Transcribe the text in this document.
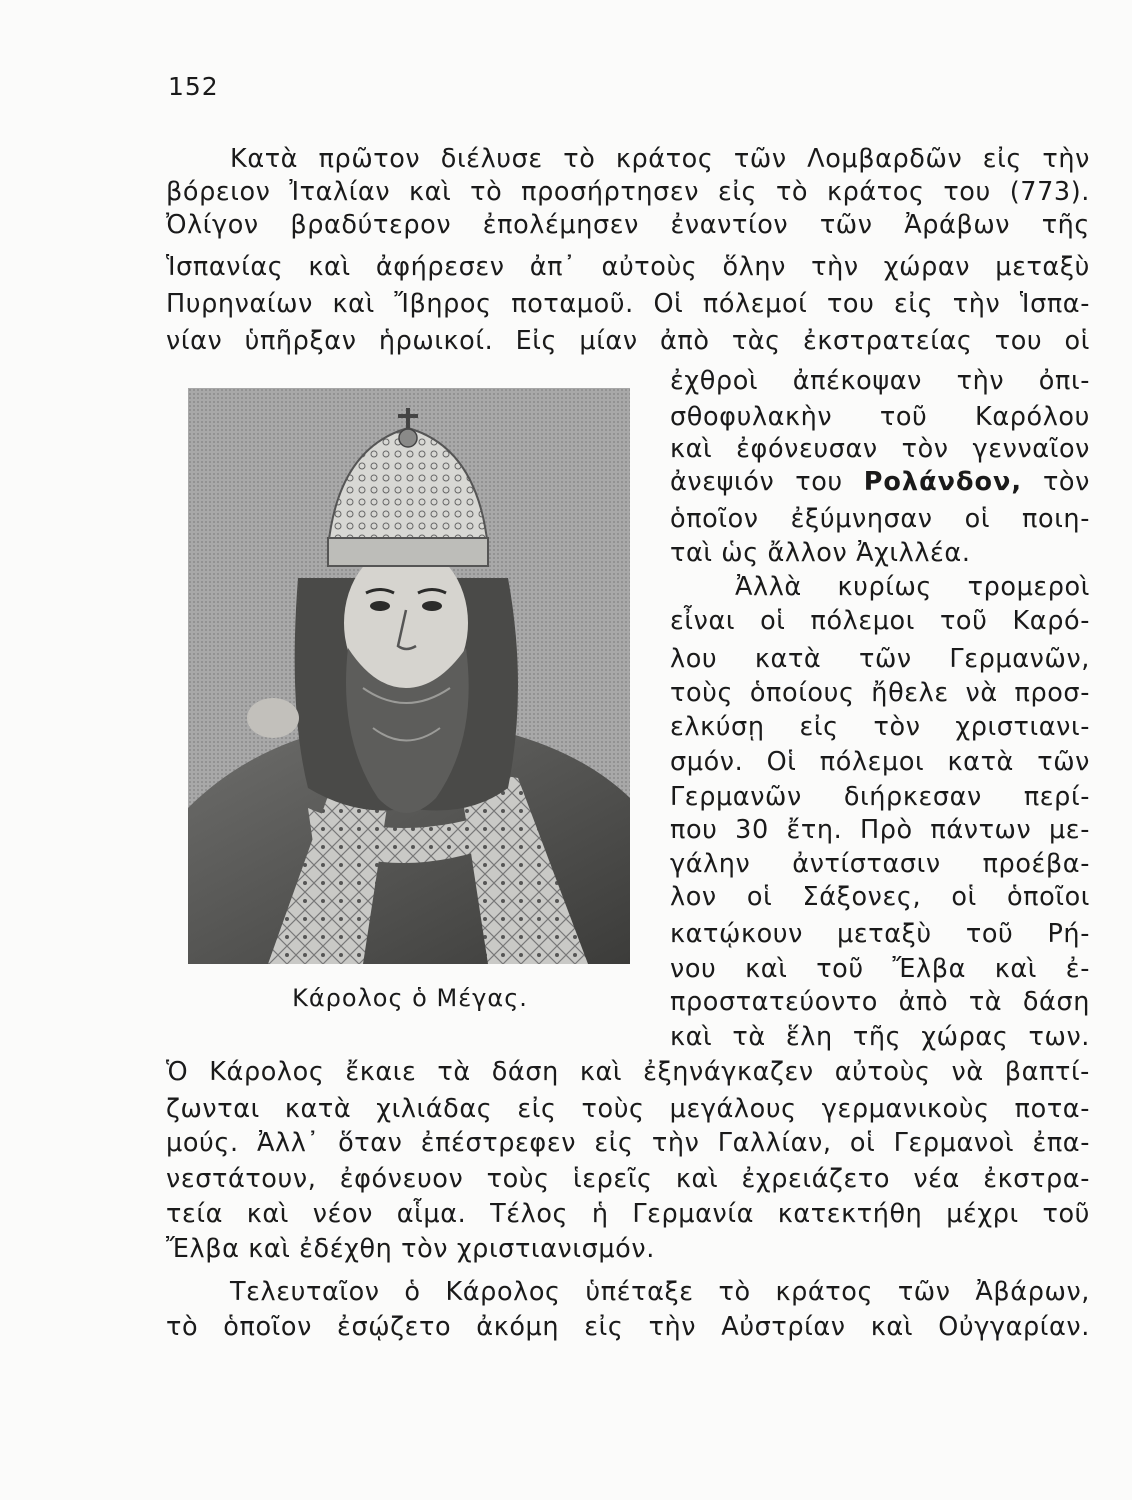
152
Κατὰ πρῶτον διέλυσε τὸ κράτος τῶν Λομβαρδῶν εἰς τὴν
βόρειον Ἰταλίαν καὶ τὸ προσήρτησεν εἰς τὸ κράτος του (773).
Ὀλίγον βραδύτερον ἐπολέμησεν ἐναντίον τῶν Ἀράβων τῆς
Ἱσπανίας καὶ ἀφήρεσεν ἀπ᾿ αὐτοὺς ὅλην τὴν χώραν μεταξὺ
Πυρηναίων καὶ Ἴβηρος ποταμοῦ. Οἱ πόλεμοί του εἰς τὴν Ἱσπα-
νίαν ὑπῆρξαν ἡρωικοί. Εἰς μίαν ἀπὸ τὰς ἐκστρατείας του οἱ
ἐχθροὶ ἀπέκοψαν τὴν ὀπι-
σθοφυλακὴν τοῦ Καρόλου
καὶ ἐφόνευσαν τὸν γενναῖον
ἀνεψιόν του Ρολάνδον, τὸν
ὁποῖον ἐξύμνησαν οἱ ποιη-
ταὶ ὡς ἄλλον Ἀχιλλέα.
Ἀλλὰ κυρίως τρομεροὶ
εἶναι οἱ πόλεμοι τοῦ Καρό-
λου κατὰ τῶν Γερμανῶν,
τοὺς ὁποίους ἤθελε νὰ προσ-
ελκύσῃ εἰς τὸν χριστιανι-
σμόν. Οἱ πόλεμοι κατὰ τῶν
Γερμανῶν διήρκεσαν περί-
που 30 ἔτη. Πρὸ πάντων με-
γάλην ἀντίστασιν προέβα-
λον οἱ Σάξονες, οἱ ὁποῖοι
κατῴκουν μεταξὺ τοῦ Ρή-
νου καὶ τοῦ Ἔλβα καὶ ἐ-
προστατεύοντο ἀπὸ τὰ δάση
καὶ τὰ ἕλη τῆς χώρας των.
Κάρολος ὁ Μέγας.
Ὁ Κάρολος ἔκαιε τὰ δάση καὶ ἐξηνάγκαζεν αὐτοὺς νὰ βαπτί-
ζωνται κατὰ χιλιάδας εἰς τοὺς μεγάλους γερμανικοὺς ποτα-
μούς. Ἀλλ᾿ ὅταν ἐπέστρεφεν εἰς τὴν Γαλλίαν, οἱ Γερμανοὶ ἐπα-
νεστάτουν, ἐφόνευον τοὺς ἱερεῖς καὶ ἐχρειάζετο νέα ἐκστρα-
τεία καὶ νέον αἷμα. Τέλος ἡ Γερμανία κατεκτήθη μέχρι τοῦ
Ἔλβα καὶ ἐδέχθη τὸν χριστιανισμόν.
Τελευταῖον ὁ Κάρολος ὑπέταξε τὸ κράτος τῶν Ἀβάρων,
τὸ ὁποῖον ἐσῴζετο ἀκόμη εἰς τὴν Αὐστρίαν καὶ Οὐγγαρίαν.
